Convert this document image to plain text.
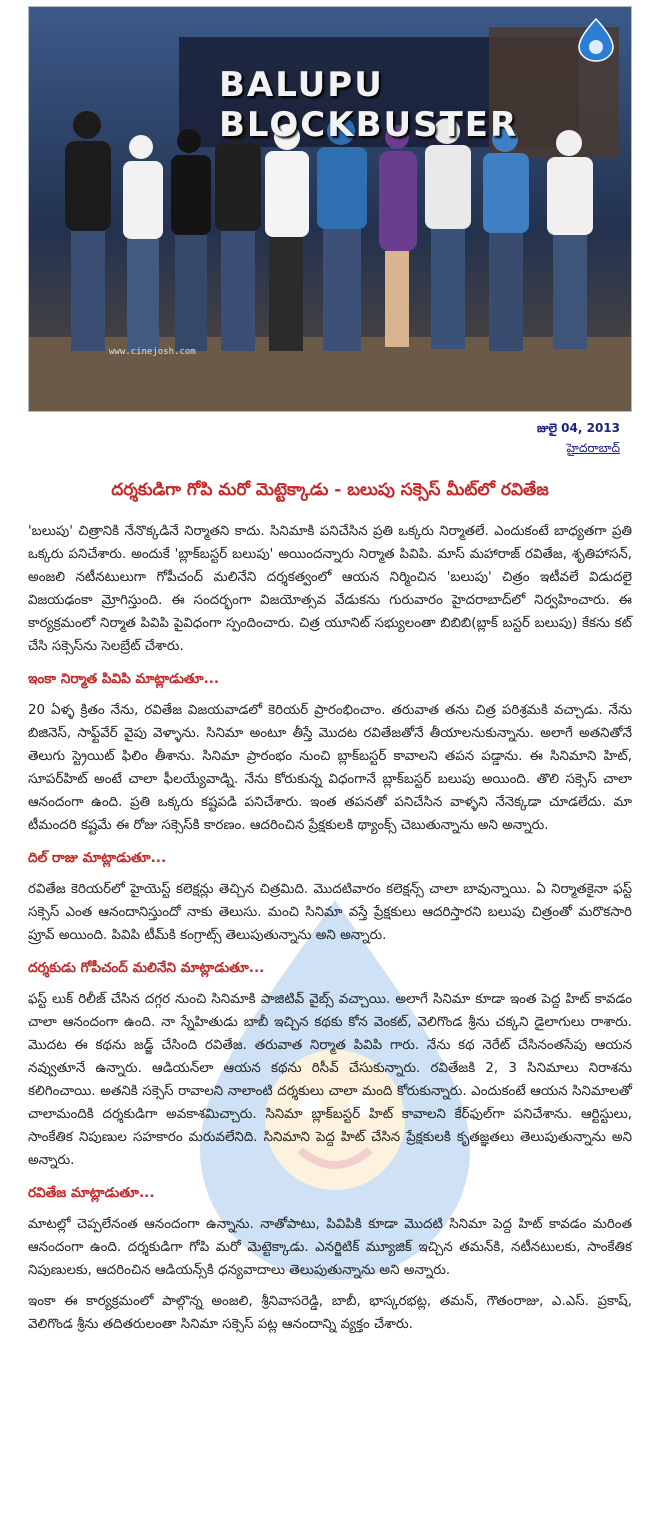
BALUPU BLOCKBUSTER
www.cinejosh.com
జులై 04, 2013
హైదరాబాద్
దర్శకుడిగా గోపి మరో మెట్టెక్కాడు - బలుపు సక్సెస్ మీట్‌లో రవితేజ

'బలుపు' చిత్రానికి నేనొక్కడినే నిర్మాతని కాదు. సినిమాకి పనిచేసిన ప్రతి ఒక్కరు నిర్మాతలే. ఎందుకంటే బాధ్యతగా ప్రతి ఒక్కరు పనిచేశారు. అందుకే 'బ్లాక్‌బస్టర్ బలుపు' అయిందన్నారు నిర్మాత పివిపి. మాస్ మహారాజ్ రవితేజ, శృతిహాసన్, అంజలి నటీనటులుగా గోపీచంద్ మలినేని దర్శకత్వంలో ఆయన నిర్మించిన 'బలుపు' చిత్రం ఇటీవలే విడుదలై విజయఢంకా మ్రోగిస్తుంది. ఈ సందర్భంగా విజయోత్సవ వేడుకను గురువారం హైదరాబాద్‌లో నిర్వహించారు. ఈ కార్యక్రమంలో నిర్మాత పివిపి పైవిధంగా స్పందించారు. చిత్ర యూనిట్ సభ్యులంతా బిబిబి(బ్లాక్ బస్టర్ బలుపు) కేకను కట్ చేసి సక్సెస్‌ను సెలబ్రేట్ చేశారు.

ఇంకా నిర్మాత పివిపి మాట్లాడుతూ...

20 ఏళ్ళ క్రితం నేను, రవితేజ విజయవాడలో కెరియర్ ప్రారంభించాం. తరువాత తను చిత్ర పరిశ్రమకి వచ్చాడు. నేను బిజినెస్, సాఫ్ట్‌వేర్ వైపు వెళ్ళాను. సినిమా అంటూ తీస్తే మొదట రవితేజతోనే తీయాలనుకున్నాను. అలాగే అతనితోనే తెలుగు స్ట్రెయిట్ ఫిలిం తీశాను. సినిమా ప్రారంభం నుంచి బ్లాక్‌బస్టర్ కావాలని తపన పడ్డాను. ఈ సినిమాని హిట్, సూపర్‌హిట్ అంటే చాలా ఫీలయ్యేవాడ్ని. నేను కోరుకున్న విధంగానే బ్లాక్‌బస్టర్ బలుపు అయింది. తొలి సక్సెస్ చాలా ఆనందంగా ఉంది. ప్రతి ఒక్కరు కష్టపడి పనిచేశారు. ఇంత తపనతో పనిచేసిన వాళ్ళని నేనెక్కడా చూడలేదు. మా టీమందరి కష్టమే ఈ రోజు సక్సెస్‌కి కారణం. ఆదరించిన ప్రేక్షకులకి థ్యాంక్స్ చెబుతున్నాను అని అన్నారు.

దిల్ రాజు మాట్లాడుతూ...

రవితేజ కెరియర్‌లో హైయెస్ట్ కలెక్షన్లు తెచ్చిన చిత్రమిది. మొదటివారం కలెక్షన్స్ చాలా బావున్నాయి. ఏ నిర్మాతకైనా ఫస్ట్ సక్సెస్ ఎంత ఆనందానిస్తుందో నాకు తెలుసు. మంచి సినిమా వస్తే ప్రేక్షకులు ఆదరిస్తారని బలుపు చిత్రంతో మరొకసారి ప్రూవ్ అయింది. పివిపి టీమ్‌కి కంగ్రాట్స్ తెలుపుతున్నాను అని అన్నారు.

దర్శకుడు గోపీచంద్ మలినేని మాట్లాడుతూ...

ఫస్ట్ లుక్ రిలీజ్ చేసిన దగ్గర నుంచి సినిమాకి పాజిటివ్ వైబ్స్ వచ్చాయి. అలాగే సినిమా కూడా ఇంత పెద్ద హిట్ కావడం చాలా ఆనందంగా ఉంది. నా స్నేహితుడు బాబీ ఇచ్చిన కథకు కోన వెంకట్, వెలిగొండ శ్రీను చక్కని డైలాగులు రాశారు. మొదట ఈ కథను జడ్జ్ చేసింది రవితేజ. తరువాత నిర్మాత పివిపి గారు. నేను కథ నెరేట్ చేసినంతసేపు ఆయన నవ్వుతూనే ఉన్నారు. ఆడియన్‌లా ఆయన కథను రిసీవ్ చేసుకున్నారు. రవితేజకి 2, 3 సినిమాలు నిరాశను కలిగించాయి. అతనికి సక్సెస్ రావాలని నాలాంటి దర్శకులు చాలా మంది కోరుకున్నారు. ఎందుకంటే ఆయన సినిమాలతో చాలామందికి దర్శకుడిగా అవకాశమిచ్చారు. సినిమా బ్లాక్‌బస్టర్ హిట్ కావాలని కేర్‌ఫుల్‌గా పనిచేశాను. ఆర్టిస్టులు, సాంకేతిక నిపుణుల సహకారం మరువలేనిది. సినిమాని పెద్ద హిట్ చేసిన ప్రేక్షకులకి కృతజ్ఞతలు తెలుపుతున్నాను అని అన్నారు.

రవితేజ మాట్లాడుతూ...

మాటల్లో చెప్పలేనంత ఆనందంగా ఉన్నాను. నాతోపాటు, పివిపికి కూడా మొదటి సినిమా పెద్ద హిట్ కావడం మరింత ఆనందంగా ఉంది. దర్శకుడిగా గోపి మరో మెట్టెక్కాడు. ఎనర్జిటిక్ మ్యూజిక్ ఇచ్చిన తమన్‌కి, నటీనటులకు, సాంకేతిక నిపుణులకు, ఆదరించిన ఆడియన్స్‌కి ధన్యవాదాలు తెలుపుతున్నాను అని అన్నారు.

ఇంకా ఈ కార్యక్రమంలో పాల్గొన్న అంజలి, శ్రీనివాసరెడ్డి, బాబీ, భాస్కరభట్ల, తమన్, గౌతంరాజు, ఎ.ఎస్. ప్రకాష్, వెలిగొండ శ్రీను తదితరులంతా సినిమా సక్సెస్ పట్ల ఆనందాన్ని వ్యక్తం చేశారు.
